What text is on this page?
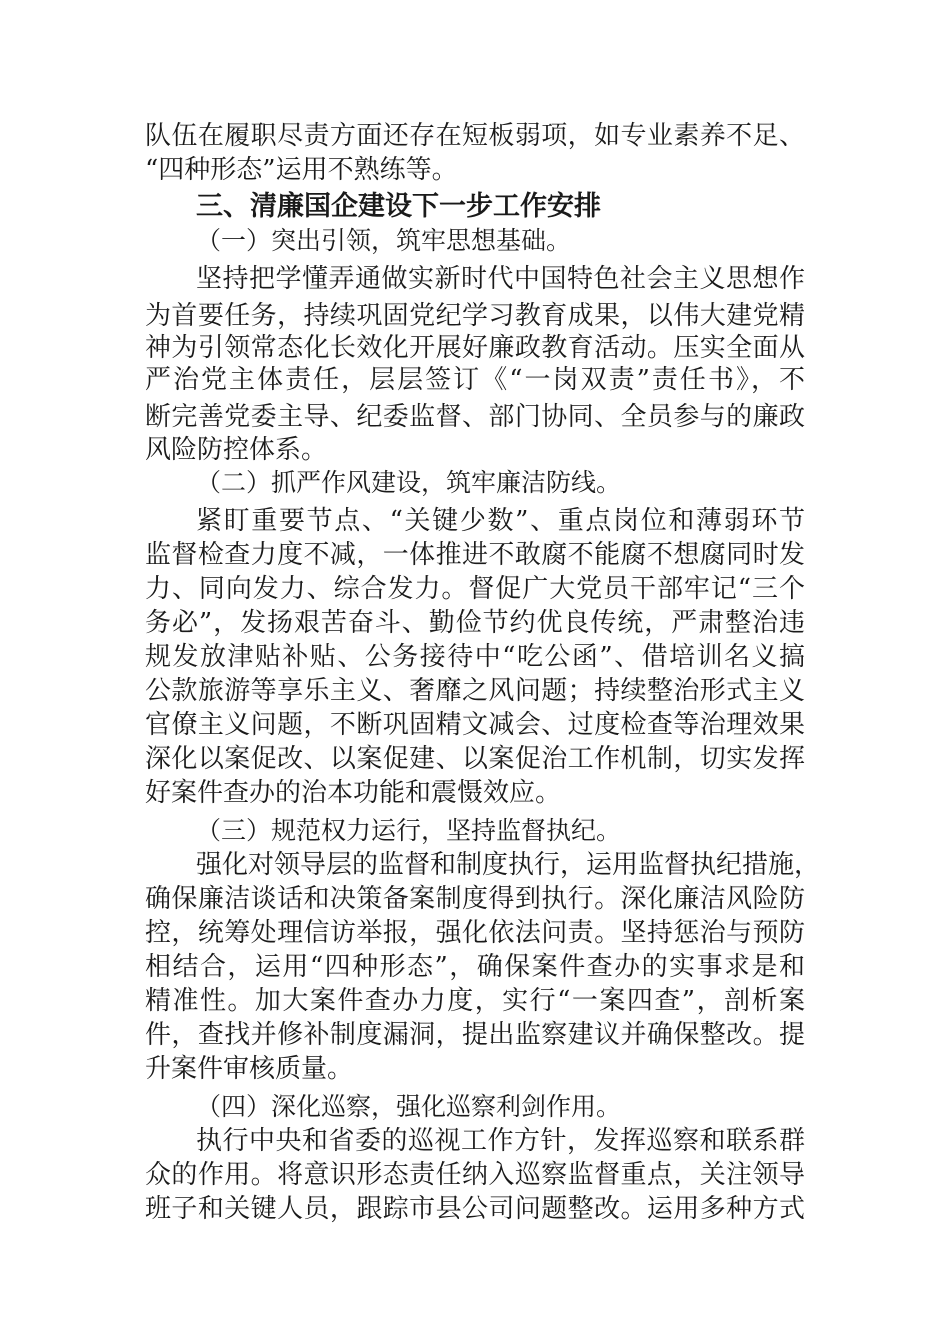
队伍在履职尽责方面还存在短板弱项，如专业素养不足、
“四种形态”运用不熟练等。
三、清廉国企建设下一步工作安排
（一）突出引领，筑牢思想基础。
坚持把学懂弄通做实新时代中国特色社会主义思想作
为首要任务，持续巩固党纪学习教育成果，以伟大建党精
神为引领常态化长效化开展好廉政教育活动。压实全面从
严治党主体责任，层层签订《“一岗双责”责任书》，不
断完善党委主导、纪委监督、部门协同、全员参与的廉政
风险防控体系。
（二）抓严作风建设，筑牢廉洁防线。
紧盯重要节点、“关键少数”、重点岗位和薄弱环节
监督检查力度不减，一体推进不敢腐不能腐不想腐同时发
力、同向发力、综合发力。督促广大党员干部牢记“三个
务必”，发扬艰苦奋斗、勤俭节约优良传统，严肃整治违
规发放津贴补贴、公务接待中“吃公函”、借培训名义搞
公款旅游等享乐主义、奢靡之风问题；持续整治形式主义
官僚主义问题，不断巩固精文减会、过度检查等治理效果
深化以案促改、以案促建、以案促治工作机制，切实发挥
好案件查办的治本功能和震慑效应。
（三）规范权力运行，坚持监督执纪。
强化对领导层的监督和制度执行，运用监督执纪措施，
确保廉洁谈话和决策备案制度得到执行。深化廉洁风险防
控，统筹处理信访举报，强化依法问责。坚持惩治与预防
相结合，运用“四种形态”，确保案件查办的实事求是和
精准性。加大案件查办力度，实行“一案四查”，剖析案
件，查找并修补制度漏洞，提出监察建议并确保整改。提
升案件审核质量。
（四）深化巡察，强化巡察利剑作用。
执行中央和省委的巡视工作方针，发挥巡察和联系群
众的作用。将意识形态责任纳入巡察监督重点，关注领导
班子和关键人员，跟踪市县公司问题整改。运用多种方式
